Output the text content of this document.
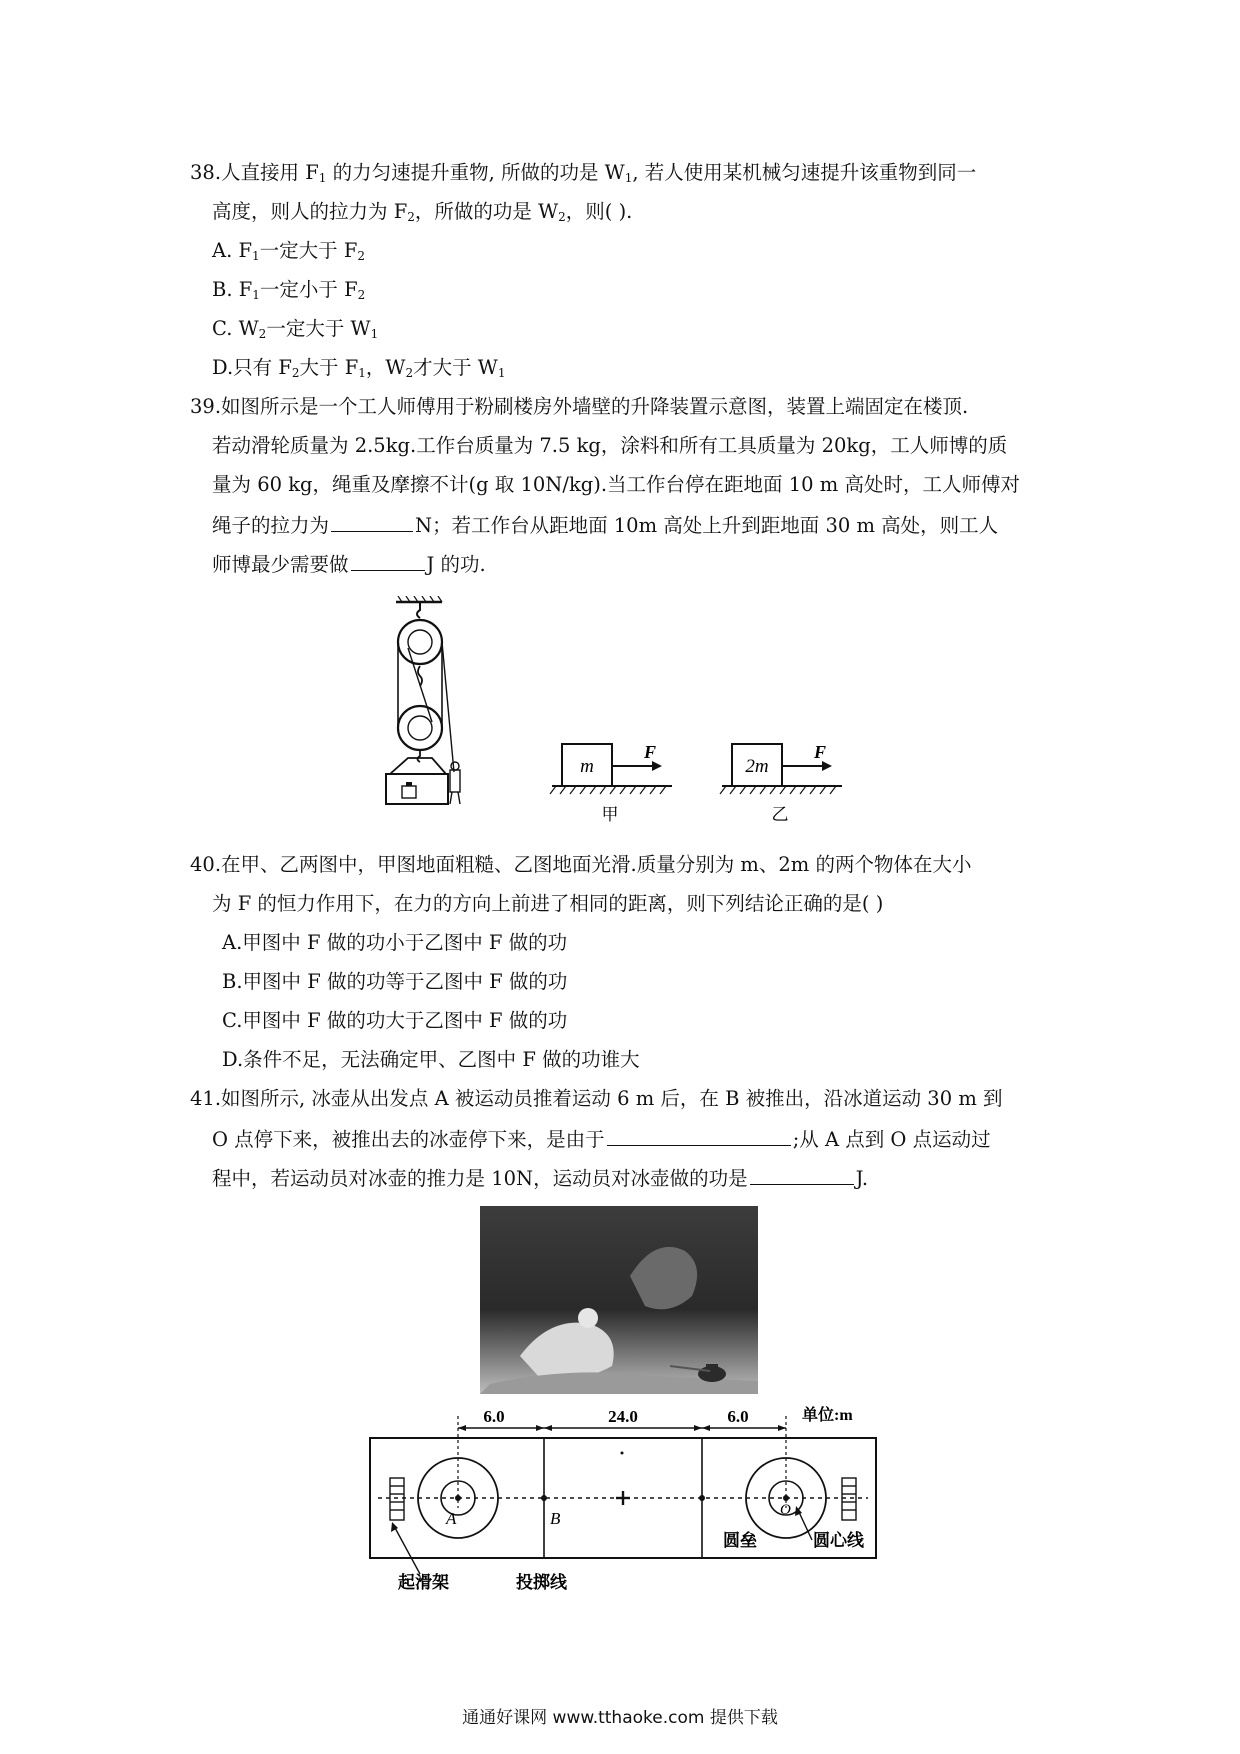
38.人直接用 $F_1$ 的力匀速提升重物, 所做的功是 $W_1$, 若人使用某机械匀速提升该重物到同一
高度，则人的拉力为 $F_2$，所做的功是 $W_2$，则( ).
A. $F_1$一定大于 $F_2$
B. $F_1$一定小于 $F_2$
C. $W_2$一定大于 $W_1$
D.只有 $F_2$大于 $F_1$，$W_2$才大于 $W_1$
39.如图所示是一个工人师傅用于粉刷楼房外墙壁的升降装置示意图，装置上端固定在楼顶.
若动滑轮质量为 2.5kg.工作台质量为 7.5 kg，涂料和所有工具质量为 20kg，工人师博的质
量为 60 kg，绳重及摩擦不计(g 取 10N/kg).当工作台停在距地面 10 m 高处时，工人师傅对
绳子的拉力为	N；若工作台从距地面 10m 高处上升到距地面 30 m 高处，则工人
师博最少需要做	J 的功.
m
F
甲
2m
F
乙
40.在甲、乙两图中，甲图地面粗糙、乙图地面光滑.质量分别为 m、2m 的两个物体在大小
为 F 的恒力作用下，在力的方向上前进了相同的距离，则下列结论正确的是( )
A.甲图中 F 做的功小于乙图中 F 做的功
B.甲图中 F 做的功等于乙图中 F 做的功
C.甲图中 F 做的功大于乙图中 F 做的功
D.条件不足，无法确定甲、乙图中 F 做的功谁大
41.如图所示, 冰壶从出发点 A 被运动员推着运动 6 m 后，在 B 被推出，沿冰道运动 30 m 到
O 点停下来，被推出去的冰壶停下来，是由于	;从 A 点到 O 点运动过
程中，若运动员对冰壶的推力是 10N，运动员对冰壶做的功是	J.
6.0	24.0	6.0	单位:m
A	B	O
圆垒	圆心线
起滑架	投掷线
通通好课网 www.tthaoke.com 提供下载
